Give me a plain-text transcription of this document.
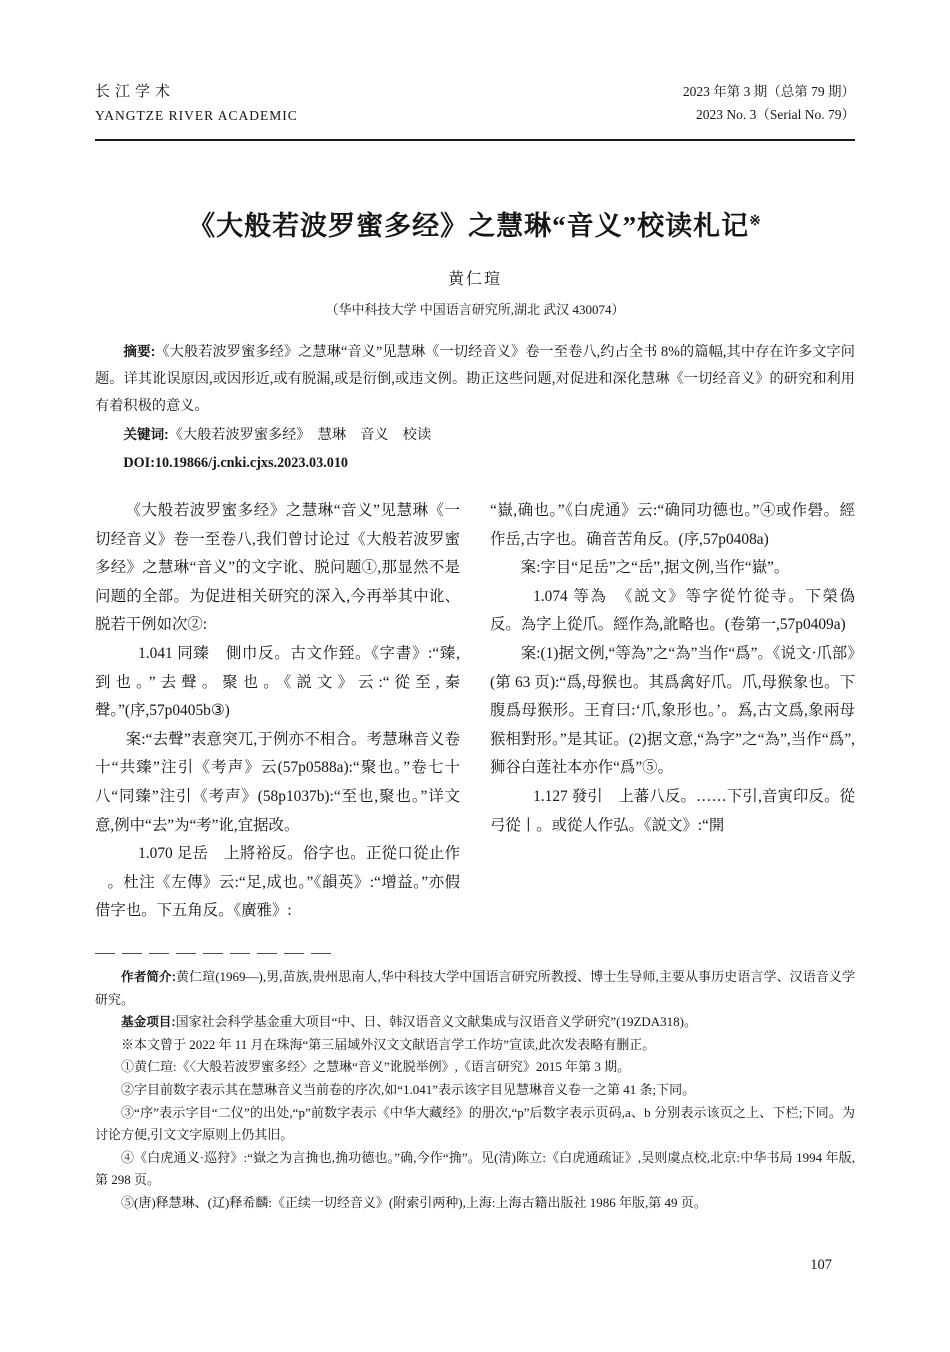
长江学术
YANGTZE RIVER ACADEMIC
2023 年第 3 期（总第 79 期）
2023 No. 3（Serial No. 79）
《大般若波罗蜜多经》之慧琳“音义”校读札记※
黄仁瑄
（华中科技大学 中国语言研究所,湖北 武汉 430074）

摘要:《大般若波罗蜜多经》之慧琳“音义”见慧琳《一切经音义》卷一至卷八,约占全书 8%的篇幅,其中存在许多文字问题。详其讹误原因,或因形近,或有脱漏,或是衍倒,或违文例。勘正这些问题,对促进和深化慧琳《一切经音义》的研究和利用有着积极的意义。

关键词:《大般若波罗蜜多经》　慧琳　音义　校读

DOI:10.19866/j.cnki.cjxs.2023.03.010

《大般若波罗蜜多经》之慧琳“音义”见慧琳《一切经音义》卷一至卷八,我们曾讨论过《大般若波罗蜜多经》之慧琳“音义”的文字讹、脱问题①,那显然不是问题的全部。为促进相关研究的深入,今再举其中讹、脱若干例如次②:

1.041 同臻　側巾反。古文作臸。《字書》:“臻,到也。”去聲。聚也。《説文》云:“從至,秦聲。”(序,57p0405b③)

案:“去聲”表意突兀,于例亦不相合。考慧琳音义卷十“共臻”注引《考声》云(57p0588a):“聚也。”卷七十八“同臻”注引《考声》(58p1037b):“至也,聚也。”详文意,例中“去”为“考”讹,宜据改。

1.070 足岳　上將裕反。俗字也。正從口從止作𠯁。杜注《左傳》云:“足,成也。”《韻英》:“增益。”亦假借字也。下五角反。《廣雅》:

“嶽,确也。”《白虎通》云:“确同功德也。”④或作礐。經作岳,古字也。确音苦角反。(序,57p0408a)

案:字目“足岳”之“岳”,据文例,当作“嶽”。

1.074 等為　《説文》等字從竹從寺。下榮偽反。為字上從爪。經作為,訛略也。(卷第一,57p0409a)

案:(1)据文例,“等為”之“為”当作“爲”。《说文·爪部》(第 63 页):“爲,母猴也。其爲禽好爪。爪,母猴象也。下腹爲母猴形。王育曰:‘爪,象形也。’。𤔡,古文爲,象兩母猴相對形。”是其证。(2)据文意,“為字”之“為”,当作“爲”,狮谷白莲社本亦作“爲”⑤。

1.127 發引　上蕃八反。……下引,音寅印反。從弓從丨。或從人作弘。《説文》:“開

作者简介:黄仁瑄(1969—),男,苗族,贵州思南人,华中科技大学中国语言研究所教授、博士生导师,主要从事历史语言学、汉语音义学研究。

基金项目:国家社会科学基金重大项目“中、日、韩汉语音义文献集成与汉语音义学研究”(19ZDA318)。

※本文曾于 2022 年 11 月在珠海“第三届域外汉文文献语言学工作坊”宣读,此次发表略有删正。

①黄仁瑄:《〈大般若波罗蜜多经〉之慧琳“音义”讹脱举例》,《语言研究》2015 年第 3 期。

②字目前数字表示其在慧琳音义当前卷的序次,如“1.041”表示该字目见慧琳音义卷一之第 41 条;下同。

③“序”表示字目“二仪”的出处,“p”前数字表示《中华大藏经》的册次,“p”后数字表示页码,a、b 分别表示该页之上、下栏;下同。为讨论方便,引文文字原则上仍其旧。

④《白虎通义·巡狩》:“嶽之为言捔也,捔功德也。”确,今作“捔”。见(清)陈立:《白虎通疏证》,吴则虞点校,北京:中华书局 1994 年版,第 298 页。

⑤(唐)释慧琳、(辽)释希麟:《正续一切经音义》(附索引两种),上海:上海古籍出版社 1986 年版,第 49 页。

107
